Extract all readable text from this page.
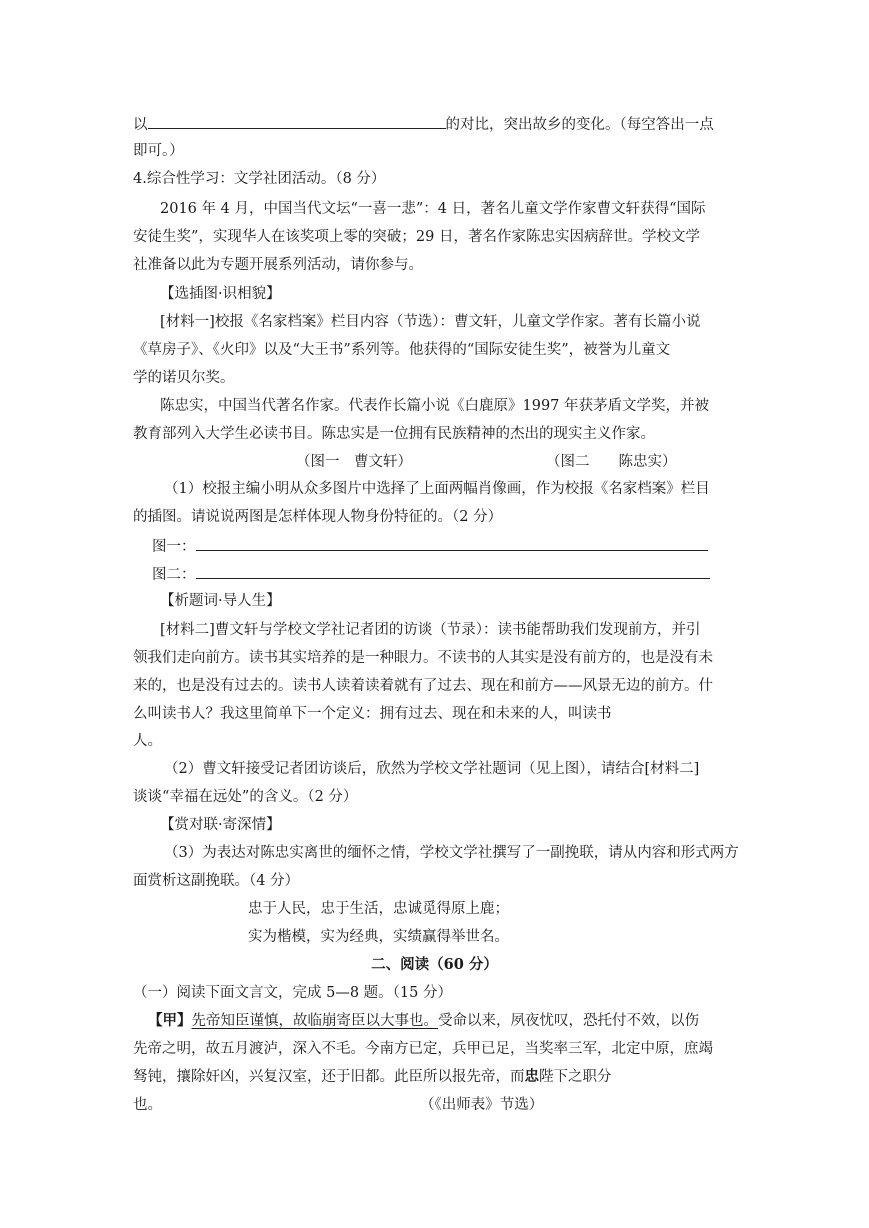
以	的对比，突出故乡的变化。（每空答出一点
即可。）
4.综合性学习：文学社团活动。（8 分）
2016 年 4 月，中国当代文坛“一喜一悲”：4 日，著名儿童文学作家曹文轩获得“国际
安徒生奖”，实现华人在该奖项上零的突破；29 日，著名作家陈忠实因病辞世。学校文学
社准备以此为专题开展系列活动，请你参与。
【选插图·识相貌】
[材料一]校报《名家档案》栏目内容（节选）：曹文轩，儿童文学作家。著有长篇小说
《草房子》、《火印》以及“大王书”系列等。他获得的“国际安徒生奖”，被誉为儿童文
学的诺贝尔奖。
陈忠实，中国当代著名作家。代表作长篇小说《白鹿原》1997 年获茅盾文学奖，并被
教育部列入大学生必读书目。陈忠实是一位拥有民族精神的杰出的现实主义作家。
（图一　曹文轩）	（图二　　陈忠实）
（1）校报主编小明从众多图片中选择了上面两幅肖像画，作为校报《名家档案》栏目
的插图。请说说两图是怎样体现人物身份特征的。（2 分）
图一：
图二：
【析题词·导人生】
[材料二]曹文轩与学校文学社记者团的访谈（节录）：读书能帮助我们发现前方，并引
领我们走向前方。读书其实培养的是一种眼力。不读书的人其实是没有前方的，也是没有未
来的，也是没有过去的。读书人读着读着就有了过去、现在和前方——风景无边的前方。什
么叫读书人？我这里简单下一个定义：拥有过去、现在和未来的人，叫读书
人。
（2）曹文轩接受记者团访谈后，欣然为学校文学社题词（见上图），请结合[材料二]
谈谈“幸福在远处”的含义。（2 分）
【赏对联·寄深情】
（3）为表达对陈忠实离世的缅怀之情，学校文学社撰写了一副挽联，请从内容和形式两方
面赏析这副挽联。（4 分）
忠于人民，忠于生活，忠诚觅得原上鹿；
实为楷模，实为经典，实绩赢得举世名。
二、阅读（60 分）
（一）阅读下面文言文，完成 5—8 题。（15 分）
【甲】先帝知臣谨慎，故临崩寄臣以大事也。受命以来，夙夜忧叹，恐托付不效，以伤
先帝之明，故五月渡泸，深入不毛。今南方已定，兵甲已足，当奖率三军，北定中原，庶竭
驽钝，攘除奸凶，兴复汉室，还于旧都。此臣所以报先帝，而忠陛下之职分
也。	（《出师表》节选）
